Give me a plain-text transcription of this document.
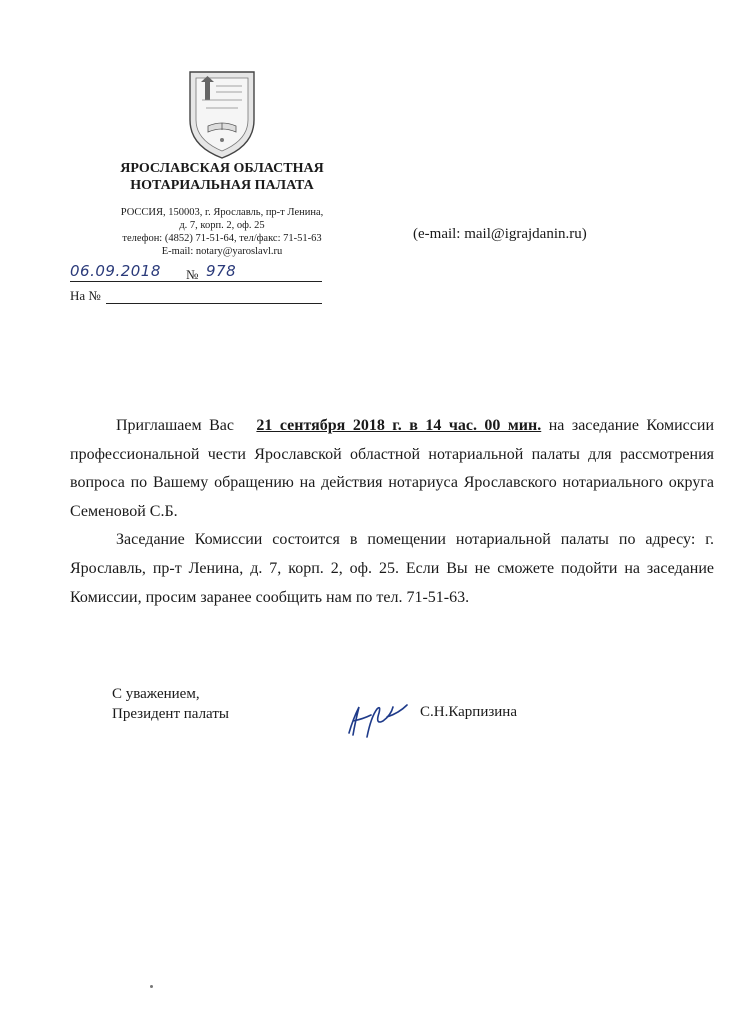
ЯРОСЛАВСКАЯ ОБЛАСТНАЯ
НОТАРИАЛЬНАЯ ПАЛАТА
РОССИЯ, 150003, г. Ярославль, пр-т Ленина,
д. 7, корп. 2, оф. 25
телефон: (4852) 71-51-64, тел/факс: 71-51-63
E-mail: notary@yaroslavl.ru
(e-mail: mail@igrajdanin.ru)
06.09.2018 № 978
На №

Приглашаем Вас 21 сентября 2018 г. в 14 час. 00 мин. на заседание Комиссии профессиональной чести Ярославской областной нотариальной палаты для рассмотрения вопроса по Вашему обращению на действия нотариуса Ярославского нотариального округа Семеновой С.Б.

Заседание Комиссии состоится в помещении нотариальной палаты по адресу: г. Ярославль, пр-т Ленина, д. 7, корп. 2, оф. 25. Если Вы не сможете подойти на заседание Комиссии, просим заранее сообщить нам по тел. 71-51-63.

С уважением,
Президент палаты	С.Н.Карпизина
